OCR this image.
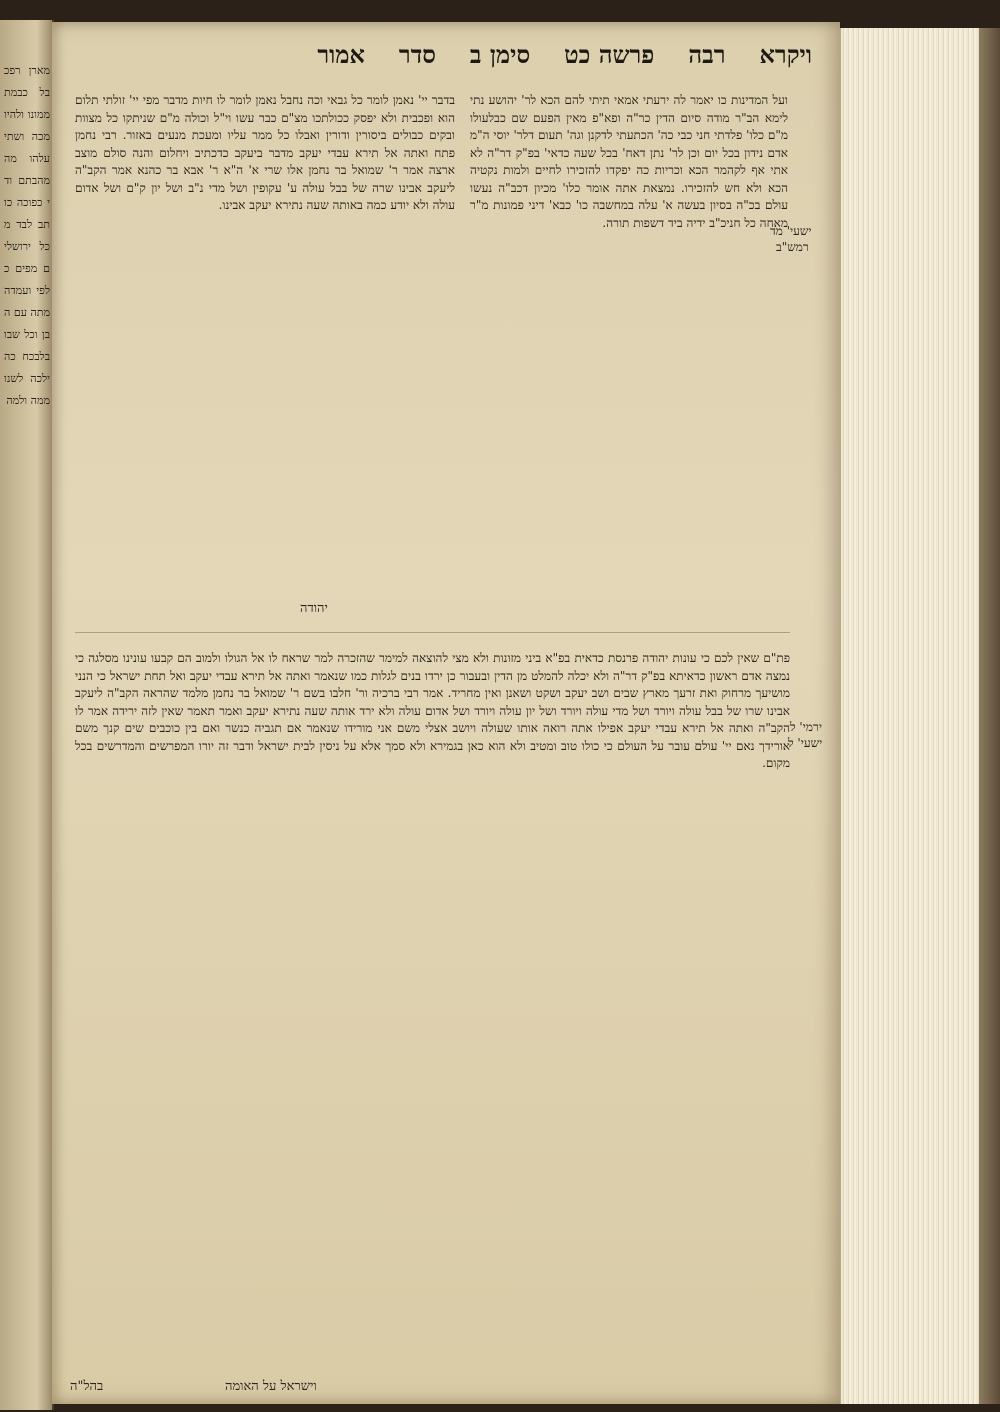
מארן רפכבל כבמת ממונו ולהיו מכה ושתי עלהו מה מהבתם ודי כפוכה כותב לבד מכל ירושלים מפים כלפי ועמדה מתה עם הבן וכל שבו בלבכח כה ילכה לשנו ממה ולמה
ויקרא
רבה
פרשה כט
סימן ב
סדר
אמור
ישעי' מד
רמש"ב
ירמי' ל
ישעי' ל
ועל המדינות כו יאמר לה ירעתי אמאי תיתי להם הכא לר' יהושע נתי לימא הב"ר מודה סיום הדין כר"ה ופא"פ מאין הפעם שם כבלעולו מ"ם כלו' פלדתי חני כבי כה' הכתעתי לדקנן וגה' תעום דלר' יוסי ה"מ אדם נידון בכל יום וכן לר' נתן דאח' בכל שעה כדאי' בפ"ק דר"ה לא אתי אף לקהמר הכא וכריות כה יפקדו להזכירו לחיים ולמות נקטיה הכא ולא חש להזכירו. נמצאת אתה אומר כלו' מכיון דכב"ה נעשו עולם בכ"ה בסיון בעשה א' עלה במחשבה כו' כבא' דיני פמונות מ"ר מאחה כל חניכ"ב ידיה ביד דשפות תורה.
בדבר יי' נאמן לומר כל גבאי וכה נחבל נאמן לומר לו חיות מדבר מפי יי' זולתי תלום הוא ופכבית ולא יפסק ככולתכו מצ"ם כבר עשו וי"ל וכולה מ"ם שניתקו כל מצוות ובקים כבולים ביסורין ודורין ואבלו כל ממר עליו ומעכת מנעים באזור. רבי נחמן פתח ואתה אל תירא עבדי יעקב מדבר ביעקב כדכתיב ויחלום והנה סולם מוצב ארצה אמר ר' שמואל בר נחמן אלו שרי א' ה"א ר' אבא בר כהנא אמר הקב"ה ליעקב אבינו שרה של בבל עולה ע' עקופין ושל מדי נ"ב ושל יון ק"ם ושל אדום עולה ולא יודע כמה באותה שעה נתירא יעקב אבינו.
יהודה
פת"ם שאין לכם כי עונות יהודה פרנסת כדאית בפ"א ביני מזונות ולא מצי להוצאה למימר שהזכרה למר שראח לו אל הגולו ולמוב הם קבעו עונינו מסלגה כי נמצה אדם ראשון כדאיתא בפ"ק דר"ה ולא יכלה להמלט מן הדין ובעבור כן ירדו בנים לגלות כמו שנאמר ואתה אל תירא עבדי יעקב ואל תחת ישראל כי הנני מושיעך מרחוק ואת זרעך מארץ שבים ושב יעקב ושקט ושאנן ואין מחריד. אמר רבי ברכיה ור' חלבו בשם ר' שמואל בר נחמן מלמד שהראה הקב"ה ליעקב אבינו שרו של בבל עולה ויורד ושל מדי עולה ויורד ושל יון עולה ויורד ושל אדום עולה ולא ירד אותה שעה נתירא יעקב ואמר תאמר שאין לזה ירידה אמר לו הקב"ה ואתה אל תירא עבדי יעקב אפילו אתה רואה אותו שעולה ויושב אצלי משם אני מורידו שנאמר אם תגביה כנשר ואם בין כוכבים שים קנך משם אורידך נאם יי' עולם עובר על העולם כי כולו טוב ומטיב ולא הוא כאן בגמירא ולא סמך אלא על ניסין לבית ישראל ודבר זה יורו המפרשים והמדרשים בכל מקום.
וישראל על האומה
בהל"ה
